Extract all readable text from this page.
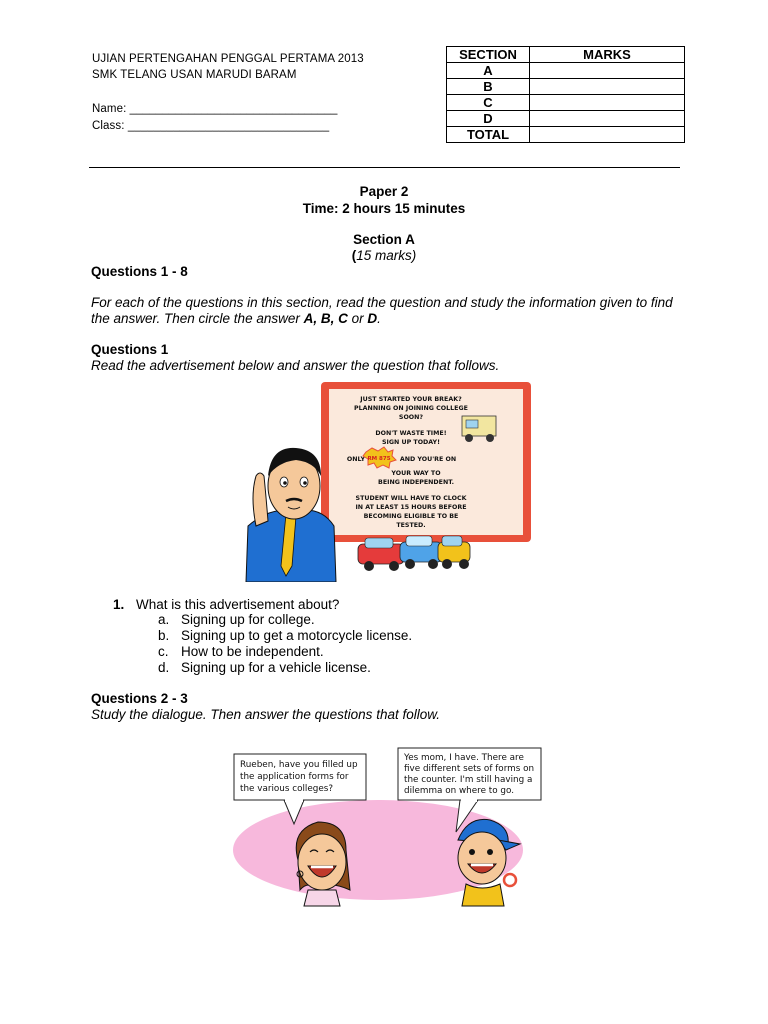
UJIAN PERTENGAHAN PENGGAL PERTAMA 2013
SMK TELANG USAN MARUDI BARAM
Name: ________________________________
Class: _______________________________
SECTION	MARKS
A	
B	
C	
D	
TOTAL	
Paper 2
Time: 2 hours 15 minutes
Section A
(15 marks)
Questions 1 - 8
For each of the questions in this section, read the question and study the information given to find the answer. Then circle the answer A, B, C or D.
Questions 1
Read the advertisement below and answer the question that follows.
JUST STARTED YOUR BREAK?
PLANNING ON JOINING COLLEGE
SOON?
DON'T WASTE TIME!
SIGN UP TODAY!
ONLY	AND YOU'RE ON
YOUR WAY TO
BEING INDEPENDENT.
STUDENT WILL HAVE TO CLOCK
IN AT LEAST 15 HOURS BEFORE
BECOMING ELIGIBLE TO BE
TESTED.
RM 875
1. What is this advertisement about?
a. Signing up for college.
b. Signing up to get a motorcycle license.
c. How to be independent.
d. Signing up for a vehicle license.
Questions 2 - 3
Study the dialogue. Then answer the questions that follow.
Rueben, have you filled up
the application forms for
the various colleges?
Yes mom, I have. There are
five different sets of forms on
the counter. I'm still having a
dilemma on where to go.
